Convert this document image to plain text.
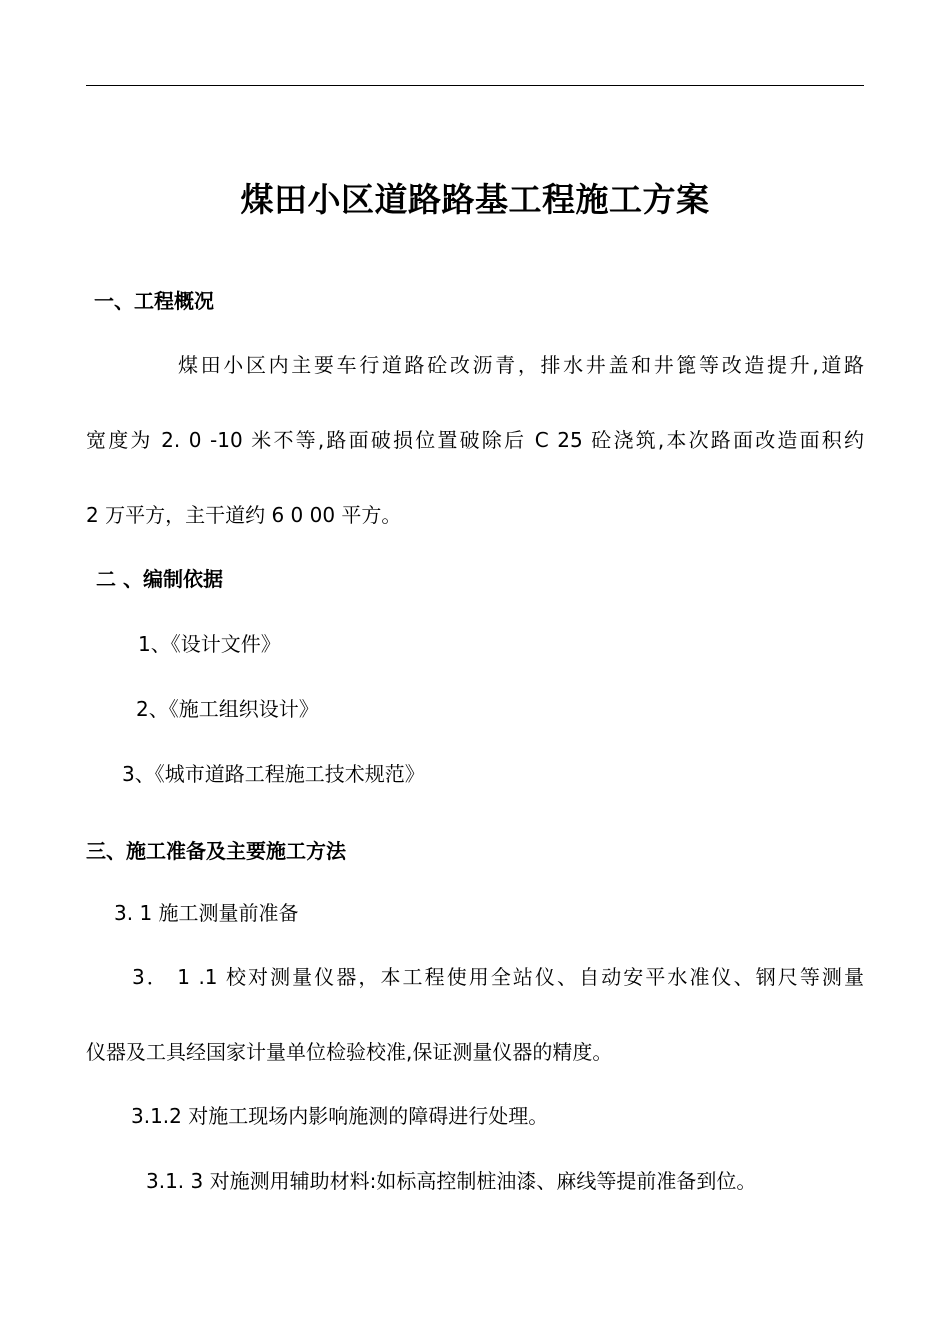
煤田小区道路路基工程施工方案
一、工程概况
煤田小区内主要车行道路砼改沥青，排水井盖和井篦等改造提升,道路
宽度为 2. 0 -10 米不等,路面破损位置破除后 C 25 砼浇筑,本次路面改造面积约
2 万平方，主干道约 6 0 00 平方。
二 、编制依据
1、《设计文件》
2、《施工组织设计》
3、《城市道路工程施工技术规范》
三、施工准备及主要施工方法
3. 1 施工测量前准备
3． 1 .1 校对测量仪器，本工程使用全站仪、自动安平水准仪、钢尺等测量
仪器及工具经国家计量单位检验校准,保证测量仪器的精度。
3.1.2 对施工现场内影响施测的障碍进行处理。
3.1. 3 对施测用辅助材料:如标高控制桩油漆、麻线等提前准备到位。
